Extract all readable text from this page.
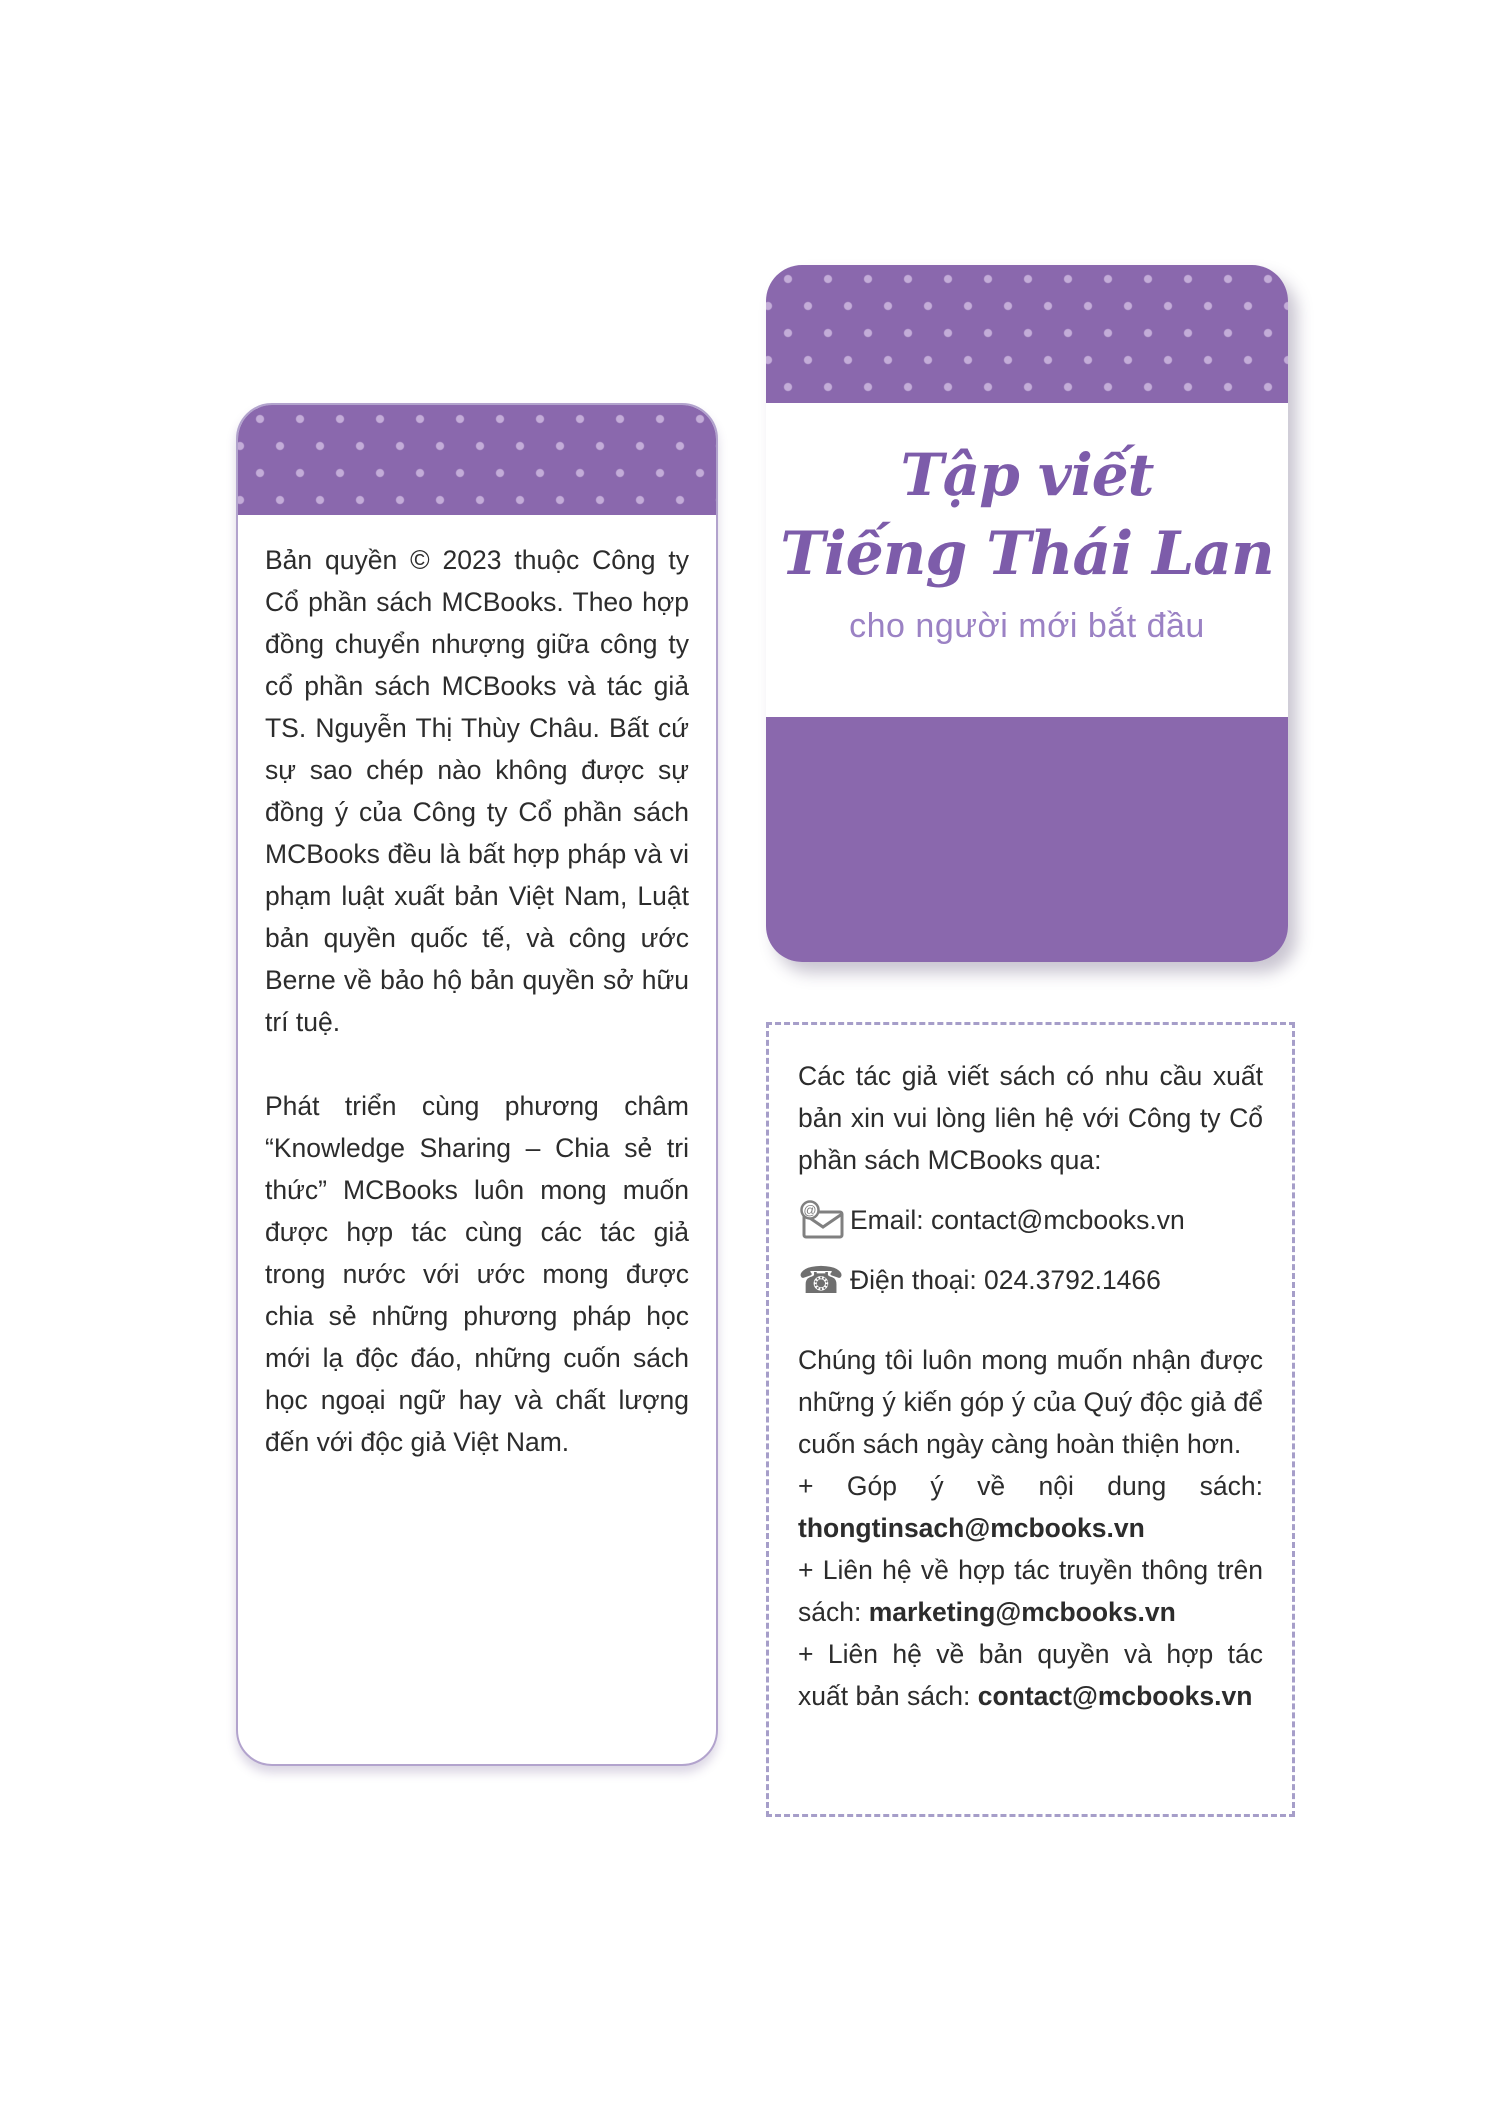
Bản quyền © 2023 thuộc Công ty Cổ phần sách MCBooks. Theo hợp đồng chuyển nhượng giữa công ty cổ phần sách MCBooks và tác giả TS. Nguyễn Thị Thùy Châu. Bất cứ sự sao chép nào không được sự đồng ý của Công ty Cổ phần sách MCBooks đều là bất hợp pháp và vi phạm luật xuất bản Việt Nam, Luật bản quyền quốc tế, và công ước Berne về bảo hộ bản quyền sở hữu trí tuệ.

Phát triển cùng phương châm “Knowledge Sharing – Chia sẻ tri thức” MCBooks luôn mong muốn được hợp tác cùng các tác giả trong nước với ước mong được chia sẻ những phương pháp học mới lạ độc đáo, những cuốn sách học ngoại ngữ hay và chất lượng đến với độc giả Việt Nam.

Tập viết
Tiếng Thái Lan
cho người mới bắt đầu

Các tác giả viết sách có nhu cầu xuất bản xin vui lòng liên hệ với Công ty Cổ phần sách MCBooks qua:

@ Email: contact@mcbooks.vn
☎ Điện thoại: 024.3792.1466

Chúng tôi luôn mong muốn nhận được những ý kiến góp ý của Quý độc giả để cuốn sách ngày càng hoàn thiện hơn.

+ Góp ý về nội dung sách: thongtinsach@mcbooks.vn
+ Liên hệ về hợp tác truyền thông trên sách: marketing@mcbooks.vn
+ Liên hệ về bản quyền và hợp tác xuất bản sách: contact@mcbooks.vn
